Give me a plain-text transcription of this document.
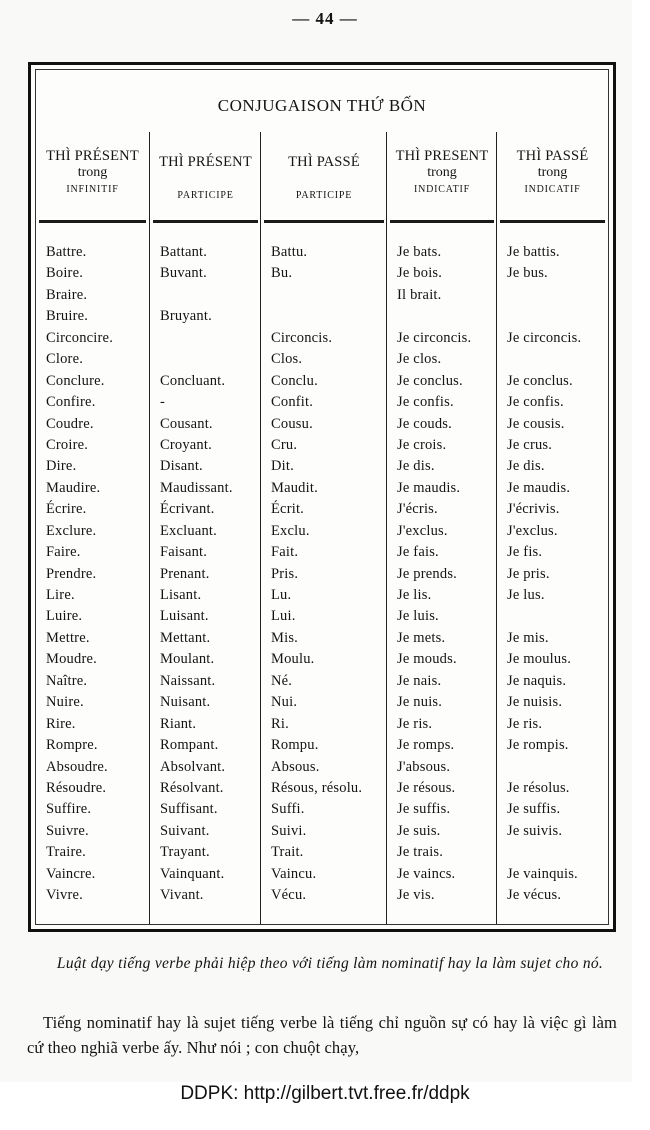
— 44 —
CONJUGAISON THỨ BỐN
THÌ PRÉSENT
trong
INFINITIF
Battre.
Boire.
Braire.
Bruire.
Circoncire.
Clore.
Conclure.
Confire.
Coudre.
Croire.
Dire.
Maudire.
Écrire.
Exclure.
Faire.
Prendre.
Lire.
Luire.
Mettre.
Moudre.
Naître.
Nuire.
Rire.
Rompre.
Absoudre.
Résoudre.
Suffire.
Suivre.
Traire.
Vaincre.
Vivre.
THÌ PRÉSENT
PARTICIPE
Battant.
Buvant.
Bruyant.
Concluant.
-
Cousant.
Croyant.
Disant.
Maudissant.
Écrivant.
Excluant.
Faisant.
Prenant.
Lisant.
Luisant.
Mettant.
Moulant.
Naissant.
Nuisant.
Riant.
Rompant.
Absolvant.
Résolvant.
Suffisant.
Suivant.
Trayant.
Vainquant.
Vivant.
THÌ PASSÉ
PARTICIPE
Battu.
Bu.
Circoncis.
Clos.
Conclu.
Confit.
Cousu.
Cru.
Dit.
Maudit.
Écrit.
Exclu.
Fait.
Pris.
Lu.
Lui.
Mis.
Moulu.
Né.
Nui.
Ri.
Rompu.
Absous.
Résous, résolu.
Suffi.
Suivi.
Trait.
Vaincu.
Vécu.
THÌ PRESENT
trong
INDICATIF
Je bats.
Je bois.
Il brait.
Je circoncis.
Je clos.
Je conclus.
Je confis.
Je couds.
Je crois.
Je dis.
Je maudis.
J'écris.
J'exclus.
Je fais.
Je prends.
Je lis.
Je luis.
Je mets.
Je mouds.
Je nais.
Je nuis.
Je ris.
Je romps.
J'absous.
Je résous.
Je suffis.
Je suis.
Je trais.
Je vaincs.
Je vis.
THÌ PASSÉ
trong
INDICATIF
Je battis.
Je bus.
Je circoncis.
Je conclus.
Je confis.
Je cousis.
Je crus.
Je dis.
Je maudis.
J'écrivis.
J'exclus.
Je fis.
Je pris.
Je lus.
Je mis.
Je moulus.
Je naquis.
Je nuisis.
Je ris.
Je rompis.
Je résolus.
Je suffis.
Je suivis.
Je vainquis.
Je vécus.
Luật dạy tiếng verbe phải hiệp theo với tiếng làm nominatif hay la làm sujet cho nó.
Tiếng nominatif hay là sujet tiếng verbe là tiếng chỉ nguồn sự có hay là việc gì làm cứ theo nghiã verbe ấy. Như nói ; con chuột chạy,
DDPK: http://gilbert.tvt.free.fr/ddpk
